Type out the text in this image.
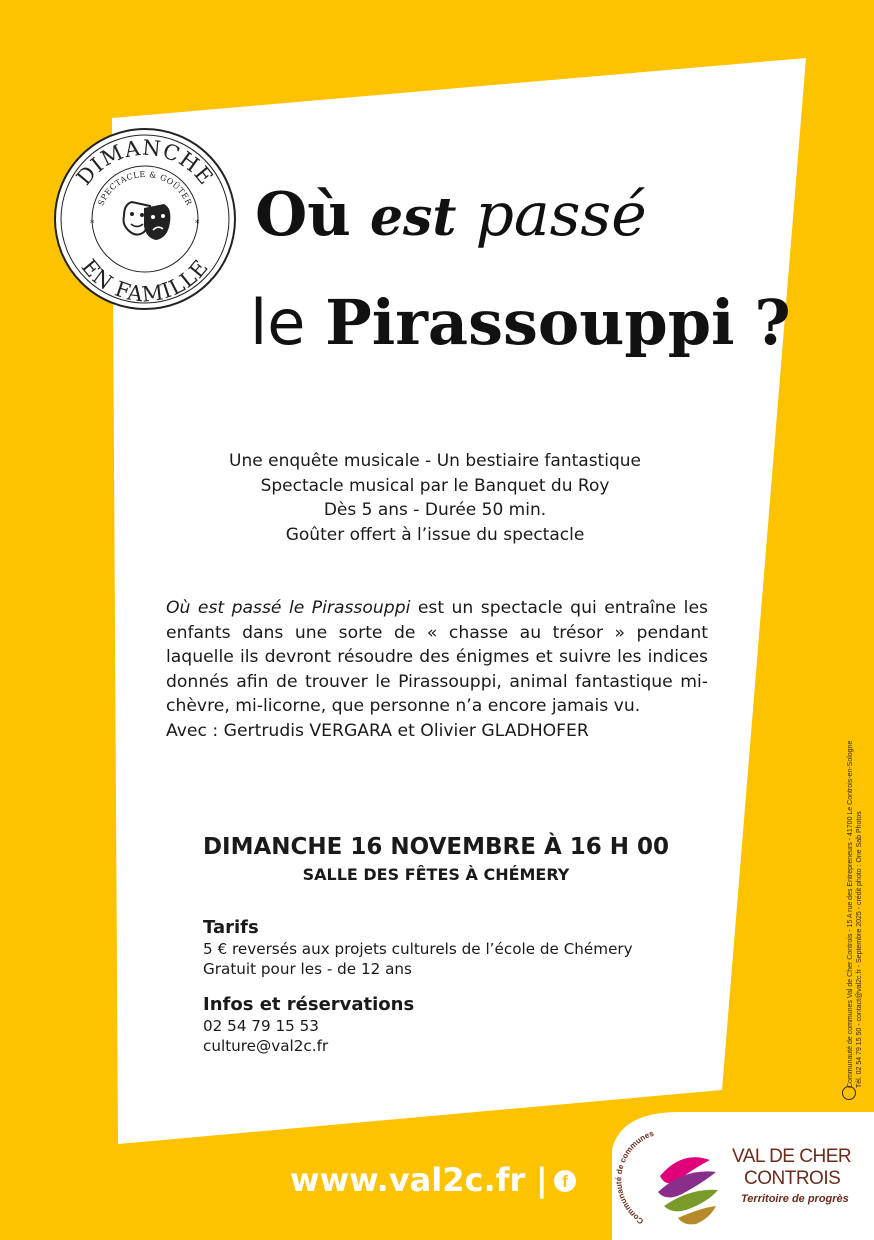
DIMANCHE
EN FAMILLE
SPECTACLE & GOÛTER
*	* Où est passé
le Pirassouppi ?
Une enquête musicale - Un bestiaire fantastique
Spectacle musical par le Banquet du Roy
Dès 5 ans - Durée 50 min.
Goûter offert à l’issue du spectacle
Où est passé le Pirassouppi est un spectacle qui entraîne les enfants dans une sorte de « chasse au trésor » pendant laquelle ils devront résoudre des énigmes et suivre les indices donnés afin de trouver le Pirassouppi, animal fantastique mi-chèvre, mi-licorne, que personne n’a encore jamais vu.
Avec : Gertrudis VERGARA et Olivier GLADHOFER
DIMANCHE 16 NOVEMBRE À 16 H 00
SALLE DES FÊTES À CHÉMERY
Tarifs
5 € reversés aux projets culturels de l’école de Chémery
Gratuit pour les - de 12 ans
Infos et réservations
02 54 79 15 53
culture@val2c.fr
www.val2c.fr | f
Communauté de communes
VAL DE CHER
CONTROIS
Territoire de progrès
Communauté de communes Val de Cher Controis - 15 A rue des Entrepreneurs - 41700 Le Controis-en-Sologne Tél. 02 54 79 15 50 - contact@val2c.fr - Septembre 2025 - crédit photo : One Sab Photos
